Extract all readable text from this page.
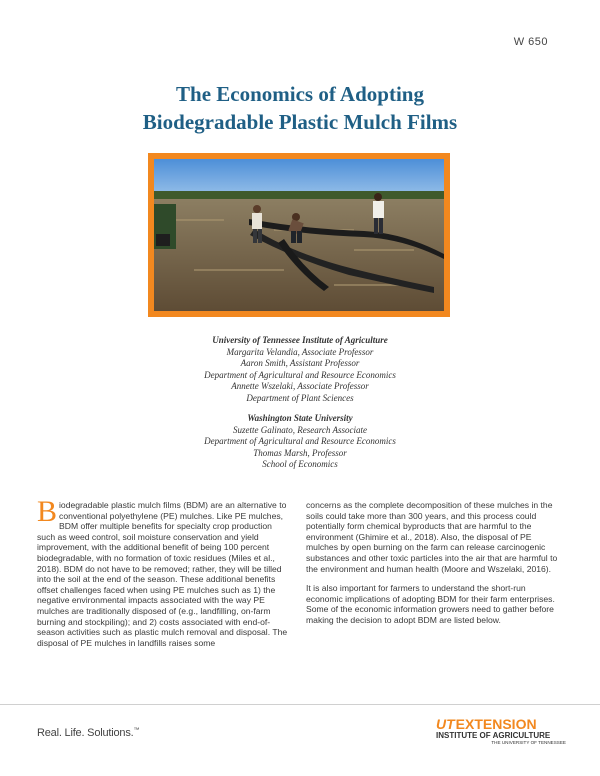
W 650
The Economics of Adopting
Biodegradable Plastic Mulch Films
University of Tennessee Institute of Agriculture
Margarita Velandia, Associate Professor
Aaron Smith, Assistant Professor
Department of Agricultural and Resource Economics
Annette Wszelaki, Associate Professor
Department of Plant Sciences
Washington State University
Suzette Galinato, Research Associate
Department of Agricultural and Resource Economics
Thomas Marsh, Professor
School of Economics

Biodegradable plastic mulch films (BDM) are an alternative to conventional polyethylene (PE) mulches. Like PE mulches, BDM offer multiple benefits for specialty crop production such as weed control, soil moisture conservation and yield improvement, with the additional benefit of being 100 percent biodegradable, with no formation of toxic residues (Miles et al., 2018). BDM do not have to be removed; rather, they will be tilled into the soil at the end of the season. These additional benefits offset challenges faced when using PE mulches such as 1) the negative environmental impacts associated with the way PE mulches are traditionally disposed of (e.g., landfilling, on-farm burning and stockpiling); and 2) costs associated with end-of-season activities such as plastic mulch removal and disposal. The disposal of PE mulches in landfills raises some

concerns as the complete decomposition of these mulches in the soils could take more than 300 years, and this process could potentially form chemical byproducts that are harmful to the environment (Ghimire et al., 2018). Also, the disposal of PE mulches by open burning on the farm can release carcinogenic substances and other toxic particles into the air that are harmful to the environment and human health (Moore and Wszelaki, 2016).

It is also important for farmers to understand the short-run economic implications of adopting BDM for their farm enterprises. Some of the economic information growers need to gather before making the decision to adopt BDM are listed below.

Real. Life. Solutions.™	UTEXTENSION
INSTITUTE OF AGRICULTURE
THE UNIVERSITY OF TENNESSEE
